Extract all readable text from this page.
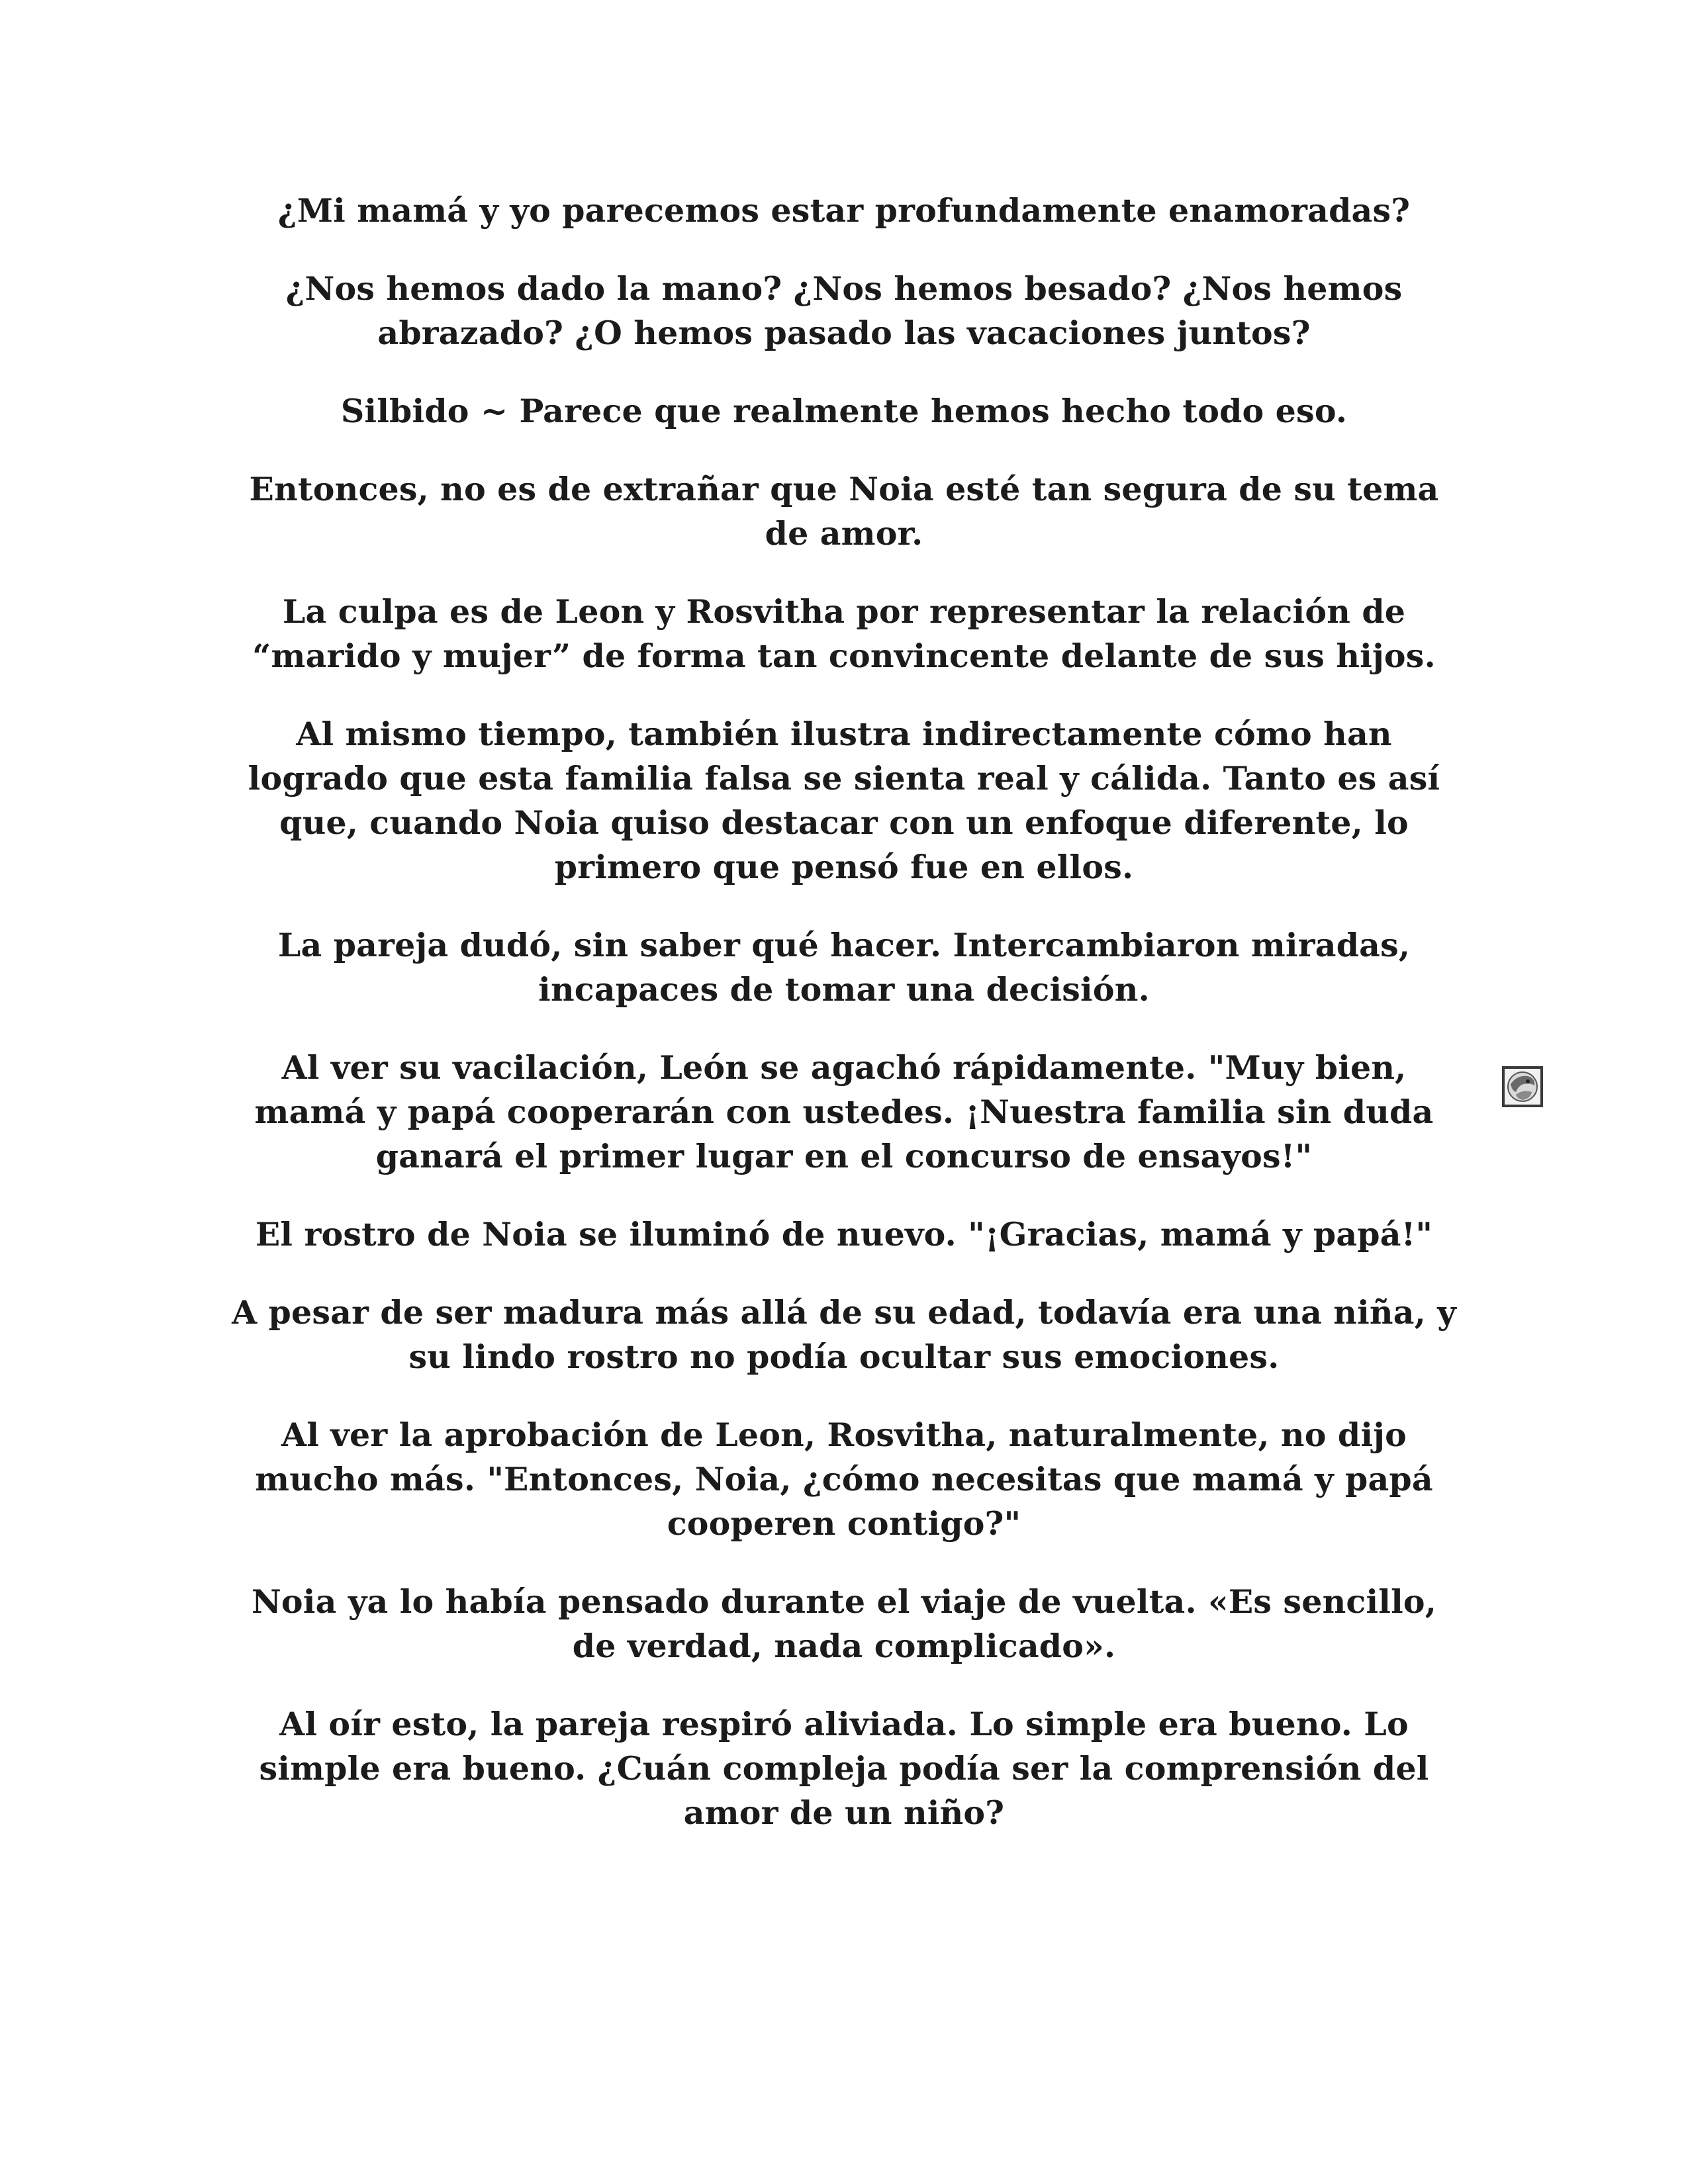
¿Mi mamá y yo parecemos estar profundamente enamoradas?

¿Nos hemos dado la mano? ¿Nos hemos besado? ¿Nos hemos abrazado? ¿O hemos pasado las vacaciones juntos?

Silbido ~ Parece que realmente hemos hecho todo eso.

Entonces, no es de extrañar que Noia esté tan segura de su tema de amor.

La culpa es de Leon y Rosvitha por representar la relación de “marido y mujer” de forma tan convincente delante de sus hijos.

Al mismo tiempo, también ilustra indirectamente cómo han logrado que esta familia falsa se sienta real y cálida. Tanto es así que, cuando Noia quiso destacar con un enfoque diferente, lo primero que pensó fue en ellos.

La pareja dudó, sin saber qué hacer. Intercambiaron miradas, incapaces de tomar una decisión.

Al ver su vacilación, León se agachó rápidamente. "Muy bien, mamá y papá cooperarán con ustedes. ¡Nuestra familia sin duda ganará el primer lugar en el concurso de ensayos!"

El rostro de Noia se iluminó de nuevo. "¡Gracias, mamá y papá!"

A pesar de ser madura más allá de su edad, todavía era una niña, y su lindo rostro no podía ocultar sus emociones.

Al ver la aprobación de Leon, Rosvitha, naturalmente, no dijo mucho más. "Entonces, Noia, ¿cómo necesitas que mamá y papá cooperen contigo?"

Noia ya lo había pensado durante el viaje de vuelta. «Es sencillo, de verdad, nada complicado».

Al oír esto, la pareja respiró aliviada. Lo simple era bueno. Lo simple era bueno. ¿Cuán compleja podía ser la comprensión del amor de un niño?
